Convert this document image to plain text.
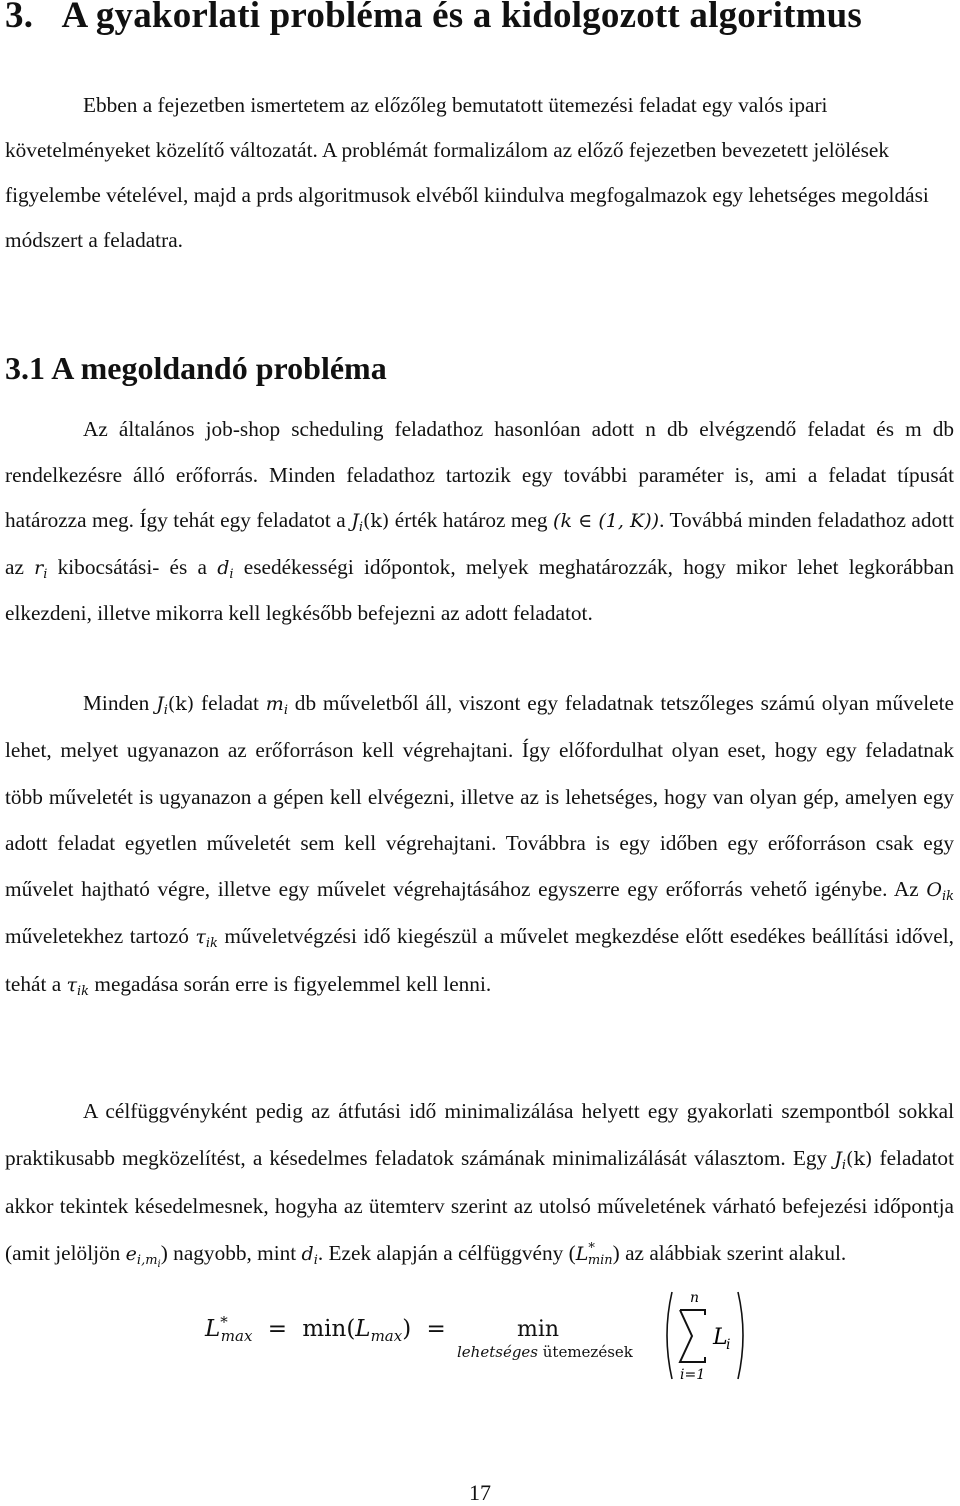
3.   A gyakorlati probléma és a kidolgozott algoritmus

Ebben a fejezetben ismertetem az előzőleg bemutatott ütemezési feladat egy valós ipari követelményeket közelítő változatát. A problémát formalizálom az előző fejezetben bevezetett jelölések figyelembe vételével, majd a prds algoritmusok elvéből kiindulva megfogalmazok egy lehetséges megoldási módszert a feladatra.

3.1 A megoldandó probléma

Az általános job-shop scheduling feladathoz hasonlóan adott n db elvégzendő feladat és m db rendelkezésre álló erőforrás. Minden feladathoz tartozik egy további paraméter is, ami a feladat típusát határozza meg. Így tehát egy feladatot a $J_i(k)$ érték határoz meg (k ∈ (1, K)). Továbbá minden feladathoz adott az $r_i$ kibocsátási- és a $d_i$ esedékességi időpontok, melyek meghatározzák, hogy mikor lehet legkorábban elkezdeni, illetve mikorra kell legkésőbb befejezni az adott feladatot.

Minden $J_i(k)$ feladat $m_i$ db műveletből áll, viszont egy feladatnak tetszőleges számú olyan művelete lehet, melyet ugyanazon az erőforráson kell végrehajtani. Így előfordulhat olyan eset, hogy egy feladatnak több műveletét is ugyanazon a gépen kell elvégezni, illetve az is lehetséges, hogy van olyan gép, amelyen egy adott feladat egyetlen műveletét sem kell végrehajtani. Továbbra is egy időben egy erőforráson csak egy művelet hajtható végre, illetve egy művelet végrehajtásához egyszerre egy erőforrás vehető igénybe. Az $O_{ik}$ műveletekhez tartozó $\tau_{ik}$ műveletvégzési idő kiegészül a művelet megkezdése előtt esedékes beállítási idővel, tehát a $\tau_{ik}$ megadása során erre is figyelemmel kell lenni.

A célfüggvényként pedig az átfutási idő minimalizálása helyett egy gyakorlati szempontból sokkal praktikusabb megközelítést, a késedelmes feladatok számának minimalizálását választom. Egy $J_i(k)$ feladatot akkor tekintek késedelmesnek, hogyha az ütemterv szerint az utolsó műveletének várható befejezési időpontja (amit jelöljön $e_{i,m_i}$) nagyobb, mint $d_i$. Ezek alapján a célfüggvény $(L^*_{min})$ az alábbiak szerint alakul.

$L^*_{max} = \min(L_{max})$ =	min
lehetséges ütemezések
n
L
i
i=1
17
